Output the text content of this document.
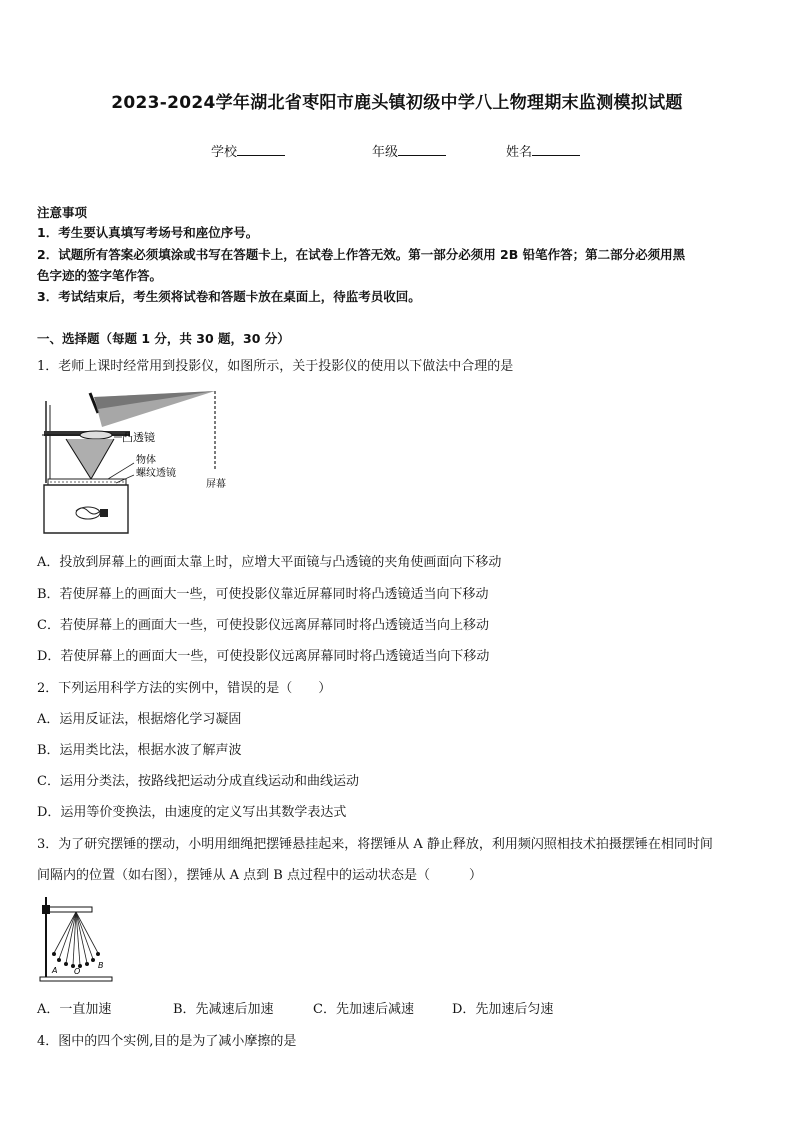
2023-2024学年湖北省枣阳市鹿头镇初级中学八上物理期末监测模拟试题
学校	年级	姓名
注意事项
1．考生要认真填写考场号和座位序号。
2．试题所有答案必须填涂或书写在答题卡上，在试卷上作答无效。第一部分必须用 2B 铅笔作答；第二部分必须用黑
色字迹的签字笔作答。
3．考试结束后，考生须将试卷和答题卡放在桌面上，待监考员收回。
一、选择题（每题 1 分，共 30 题，30 分）
1．老师上课时经常用到投影仪，如图所示，关于投影仪的使用以下做法中合理的是
凸透镜
物体
螺纹透镜
屏幕
A．投放到屏幕上的画面太靠上时，应增大平面镜与凸透镜的夹角使画面向下移动
B．若使屏幕上的画面大一些，可使投影仪靠近屏幕同时将凸透镜适当向下移动
C．若使屏幕上的画面大一些，可使投影仪远离屏幕同时将凸透镜适当向上移动
D．若使屏幕上的画面大一些，可使投影仪远离屏幕同时将凸透镜适当向下移动
2．下列运用科学方法的实例中，错误的是（　　）
A．运用反证法，根据熔化学习凝固
B．运用类比法，根据水波了解声波
C．运用分类法，按路线把运动分成直线运动和曲线运动
D．运用等价变换法，由速度的定义写出其数学表达式
3．为了研究摆锤的摆动，小明用细绳把摆锤悬挂起来，将摆锤从 A 静止释放，利用频闪照相技术拍摄摆锤在相同时间
间隔内的位置（如右图），摆锤从 A 点到 B 点过程中的运动状态是（　　　）
A O
B
A．一直加速	B．先减速后加速	C．先加速后减速	D．先加速后匀速
4．图中的四个实例,目的是为了减小摩擦的是
